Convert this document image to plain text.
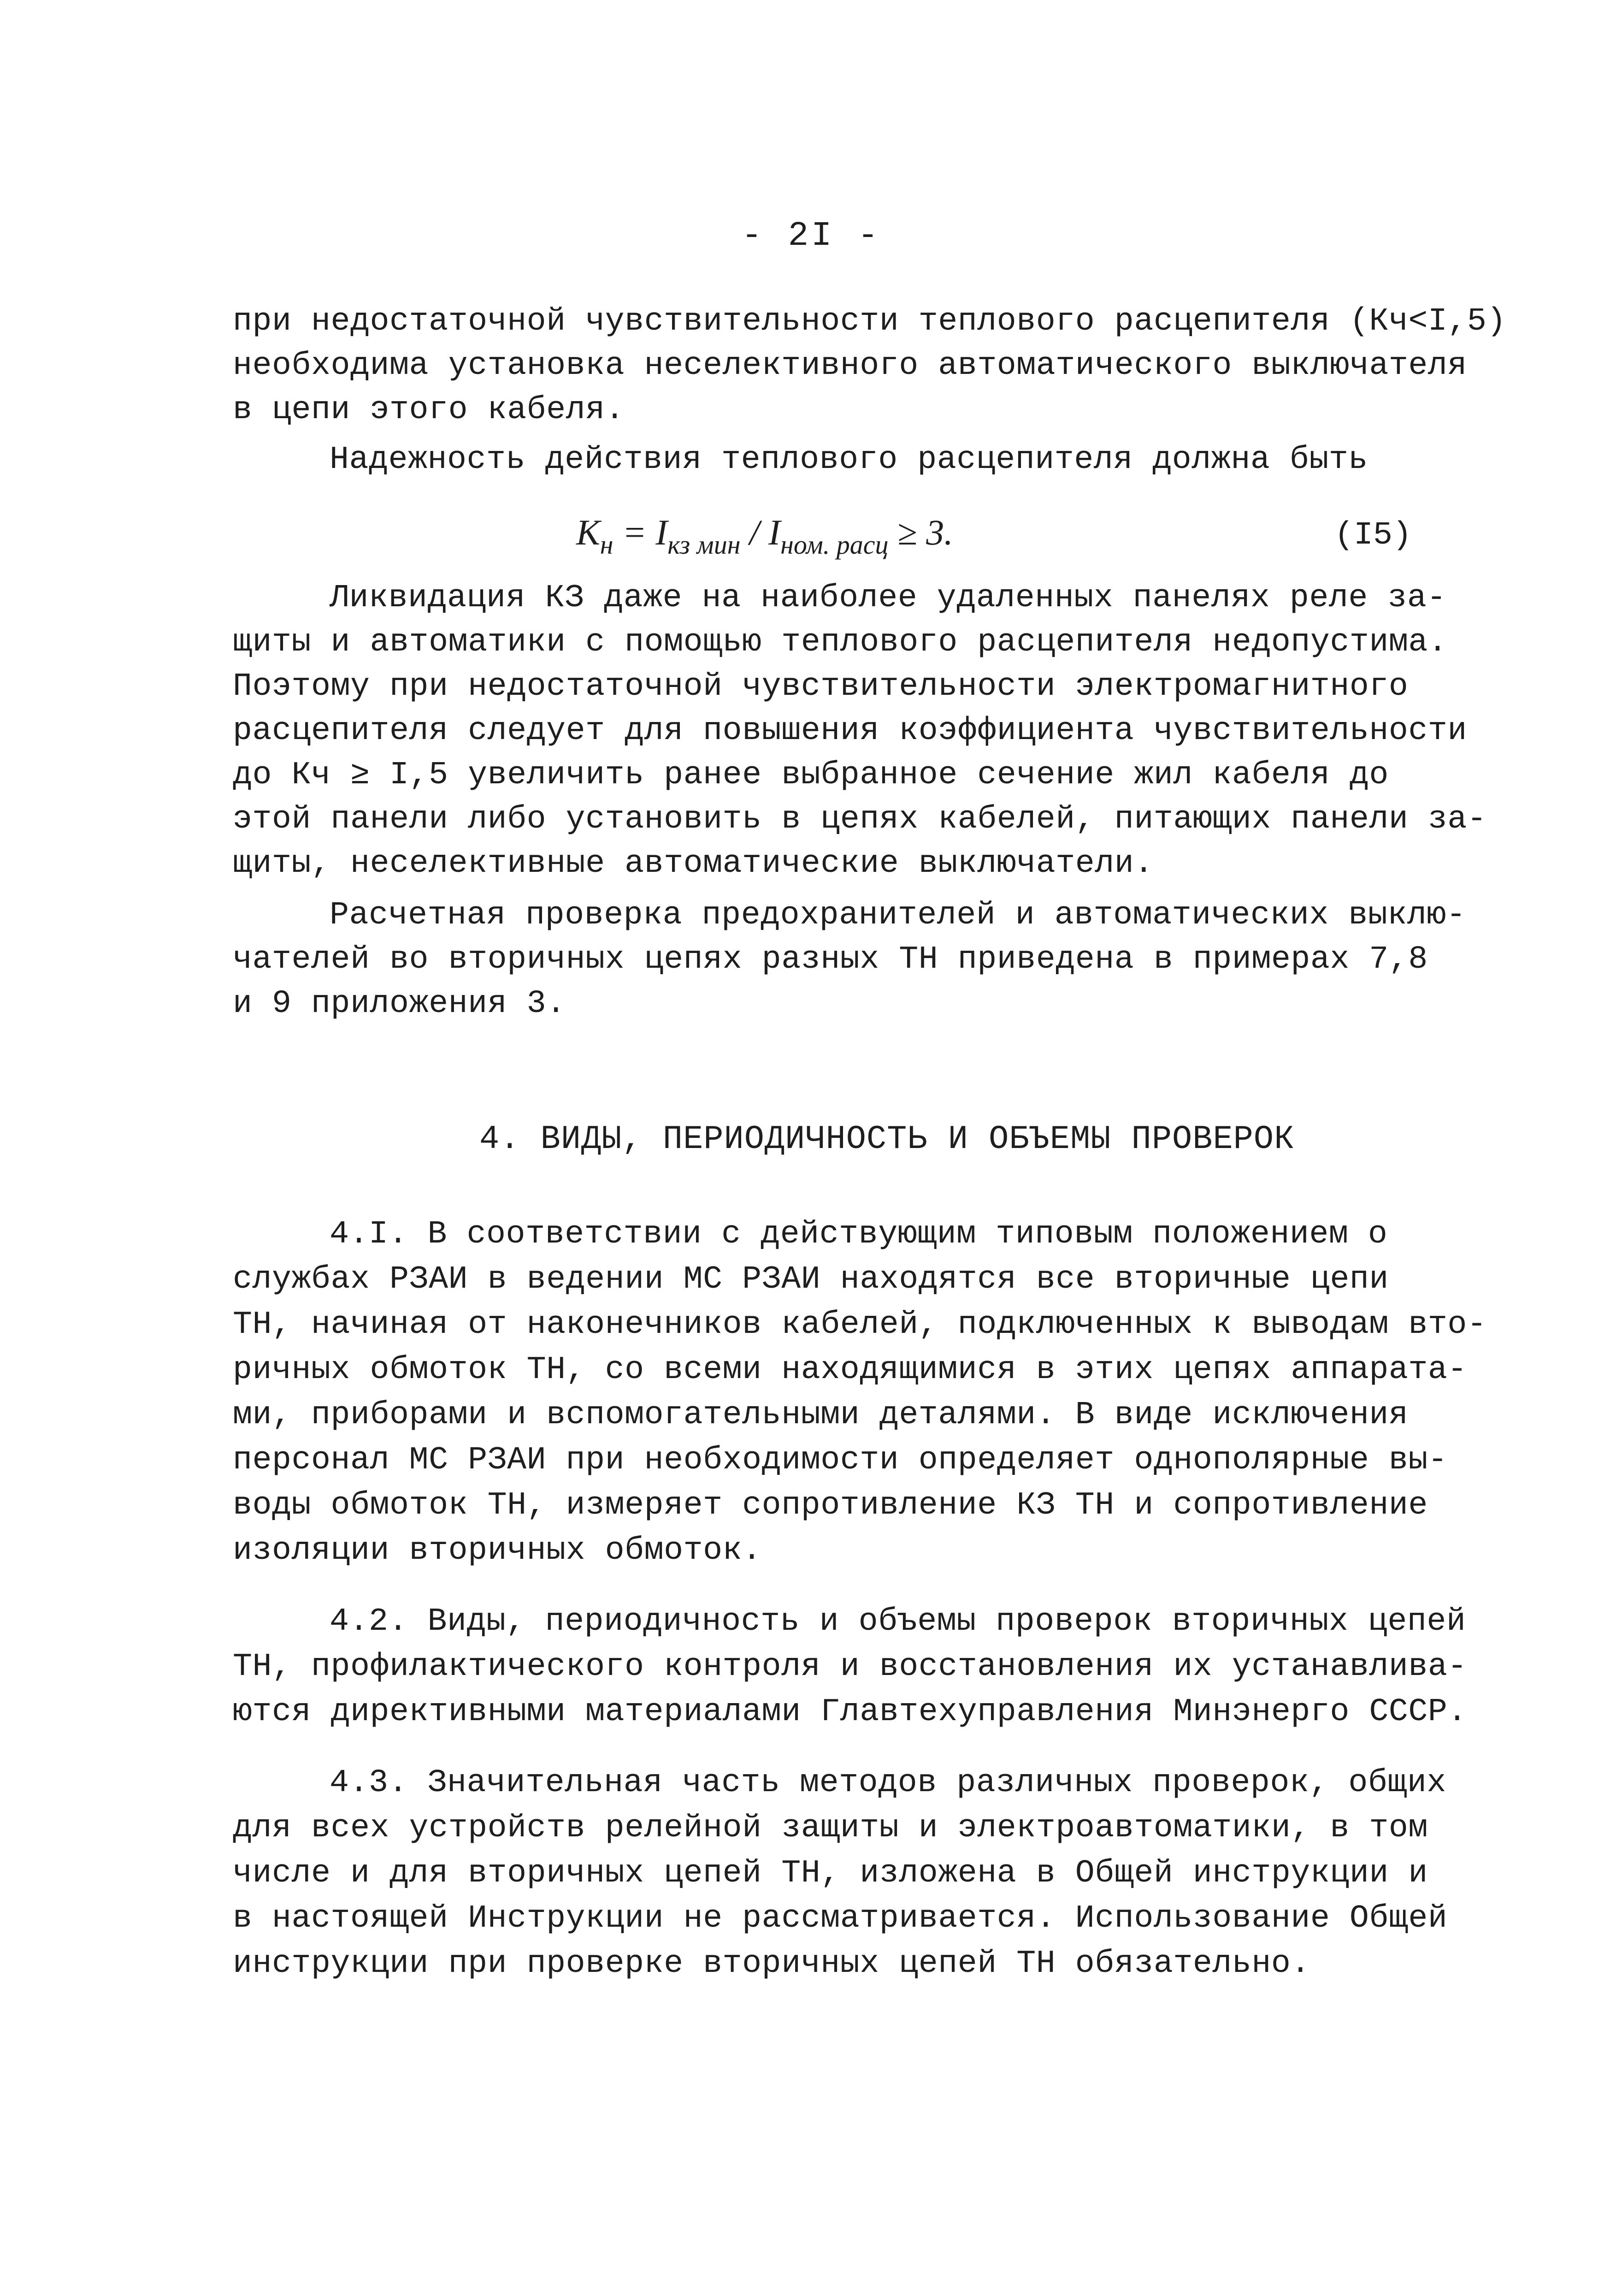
- 2I -
при недостаточной чувствительности теплового расцепителя (Кч<I,5)
необходима установка неселективного автоматического выключателя
в цепи этого кабеля.
Надежность действия теплового расцепителя должна быть
$К_н = I_{кз мин} / I_{ном. расц} \ge 3$.	(I5)
Ликвидация КЗ даже на наиболее удаленных панелях реле за-
щиты и автоматики с помощью теплового расцепителя недопустима.
Поэтому при недостаточной чувствительности электромагнитного
расцепителя следует для повышения коэффициента чувствительности
до Кч ≥ I,5 увеличить ранее выбранное сечение жил кабеля до
этой панели либо установить в цепях кабелей, питающих панели за-
щиты, неселективные автоматические выключатели.
Расчетная проверка предохранителей и автоматических выклю-
чателей во вторичных цепях разных ТН приведена в примерах 7,8
и 9 приложения 3.
4. ВИДЫ, ПЕРИОДИЧНОСТЬ И ОБЪЕМЫ ПРОВЕРОК
4.I. В соответствии с действующим типовым положением о
службах РЗАИ в ведении МС РЗАИ находятся все вторичные цепи
ТН, начиная от наконечников кабелей, подключенных к выводам вто-
ричных обмоток ТН, со всеми находящимися в этих цепях аппарата-
ми, приборами и вспомогательными деталями. В виде исключения
персонал МС РЗАИ при необходимости определяет однополярные вы-
воды обмоток ТН, измеряет сопротивление КЗ ТН и сопротивление
изоляции вторичных обмоток.
4.2. Виды, периодичность и объемы проверок вторичных цепей
ТН, профилактического контроля и восстановления их устанавлива-
ются директивными материалами Главтехуправления Минэнерго СССР.
4.3. Значительная часть методов различных проверок, общих
для всех устройств релейной защиты и электроавтоматики, в том
числе и для вторичных цепей ТН, изложена в Общей инструкции и
в настоящей Инструкции не рассматривается. Использование Общей
инструкции при проверке вторичных цепей ТН обязательно.
